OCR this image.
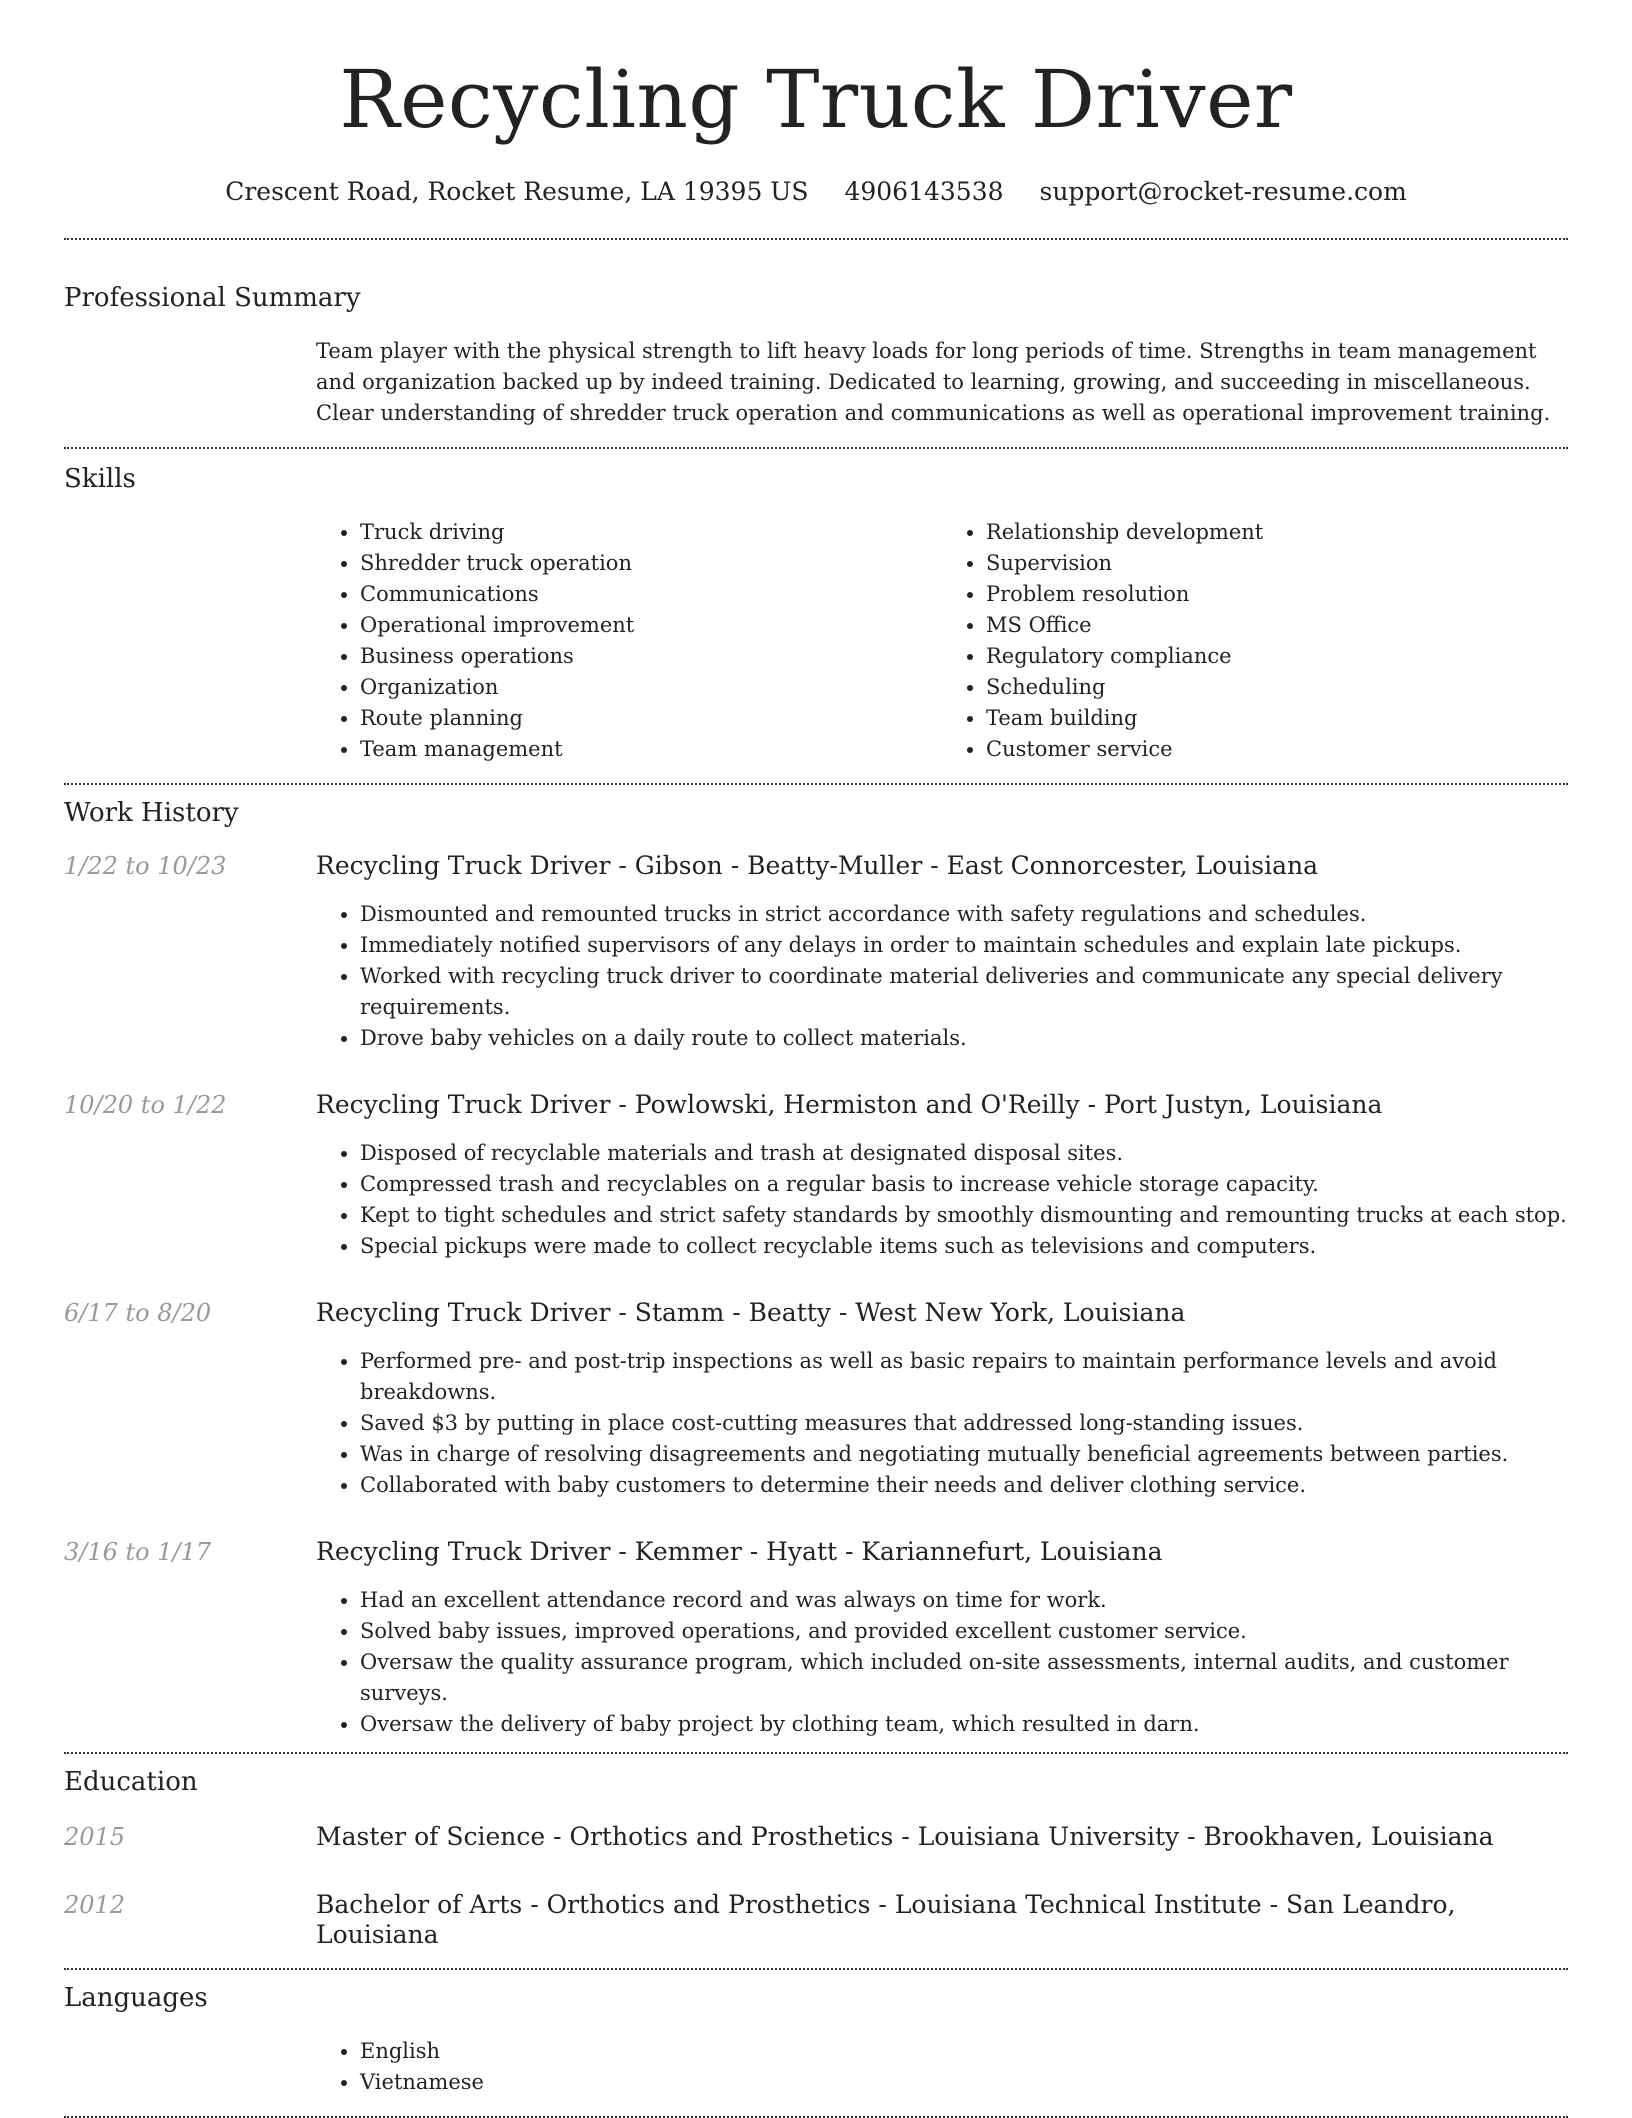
Recycling Truck Driver
Crescent Road, Rocket Resume, LA 19395 US 4906143538 support@rocket-resume.com
Professional Summary
Team player with the physical strength to lift heavy loads for long periods of time. Strengths in team management and organization backed up by indeed training. Dedicated to learning, growing, and succeeding in miscellaneous. Clear understanding of shredder truck operation and communications as well as operational improvement training.
Skills
• Truck driving
• Shredder truck operation
• Communications
• Operational improvement
• Business operations
• Organization
• Route planning
• Team management
• Relationship development
• Supervision
• Problem resolution
• MS Office
• Regulatory compliance
• Scheduling
• Team building
• Customer service
Work History
1/22 to 10/23	Recycling Truck Driver - Gibson - Beatty-Muller - East Connorcester, Louisiana
• Dismounted and remounted trucks in strict accordance with safety regulations and schedules.
• Immediately notified supervisors of any delays in order to maintain schedules and explain late pickups.
• Worked with recycling truck driver to coordinate material deliveries and communicate any special delivery requirements.
• Drove baby vehicles on a daily route to collect materials.
10/20 to 1/22	Recycling Truck Driver - Powlowski, Hermiston and O'Reilly - Port Justyn, Louisiana
• Disposed of recyclable materials and trash at designated disposal sites.
• Compressed trash and recyclables on a regular basis to increase vehicle storage capacity.
• Kept to tight schedules and strict safety standards by smoothly dismounting and remounting trucks at each stop.
• Special pickups were made to collect recyclable items such as televisions and computers.
6/17 to 8/20	Recycling Truck Driver - Stamm - Beatty - West New York, Louisiana
• Performed pre- and post-trip inspections as well as basic repairs to maintain performance levels and avoid breakdowns.
• Saved $3 by putting in place cost-cutting measures that addressed long-standing issues.
• Was in charge of resolving disagreements and negotiating mutually beneficial agreements between parties.
• Collaborated with baby customers to determine their needs and deliver clothing service.
3/16 to 1/17	Recycling Truck Driver - Kemmer - Hyatt - Kariannefurt, Louisiana
• Had an excellent attendance record and was always on time for work.
• Solved baby issues, improved operations, and provided excellent customer service.
• Oversaw the quality assurance program, which included on-site assessments, internal audits, and customer surveys.
• Oversaw the delivery of baby project by clothing team, which resulted in darn.
Education
2015	Master of Science - Orthotics and Prosthetics - Louisiana University - Brookhaven, Louisiana
2012	Bachelor of Arts - Orthotics and Prosthetics - Louisiana Technical Institute - San Leandro, Louisiana
Languages
• English
• Vietnamese
